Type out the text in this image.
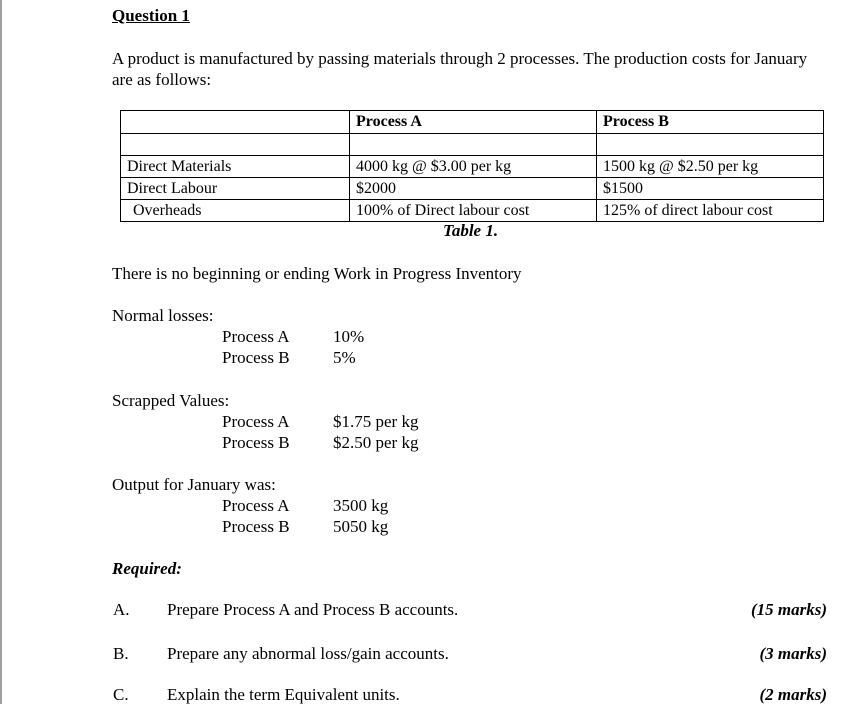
Question 1
A product is manufactured by passing materials through 2 processes. The production costs for January are as follows:
	Process A	Process B

Direct Materials	4000 kg @ $3.00 per kg	1500 kg @ $2.50 per kg
Direct Labour	$2000	$1500
Overheads	100% of Direct labour cost	125% of direct labour cost
Table 1.
There is no beginning or ending Work in Progress Inventory
Normal losses:
Process A	10%
Process B	5%
Scrapped Values:
Process A	$1.75 per kg
Process B	$2.50 per kg
Output for January was:
Process A	3500 kg
Process B	5050 kg
Required:
A. Prepare Process A and Process B accounts.	(15 marks)
B. Prepare any abnormal loss/gain accounts.	(3 marks)
C. Explain the term Equivalent units.	(2 marks)
